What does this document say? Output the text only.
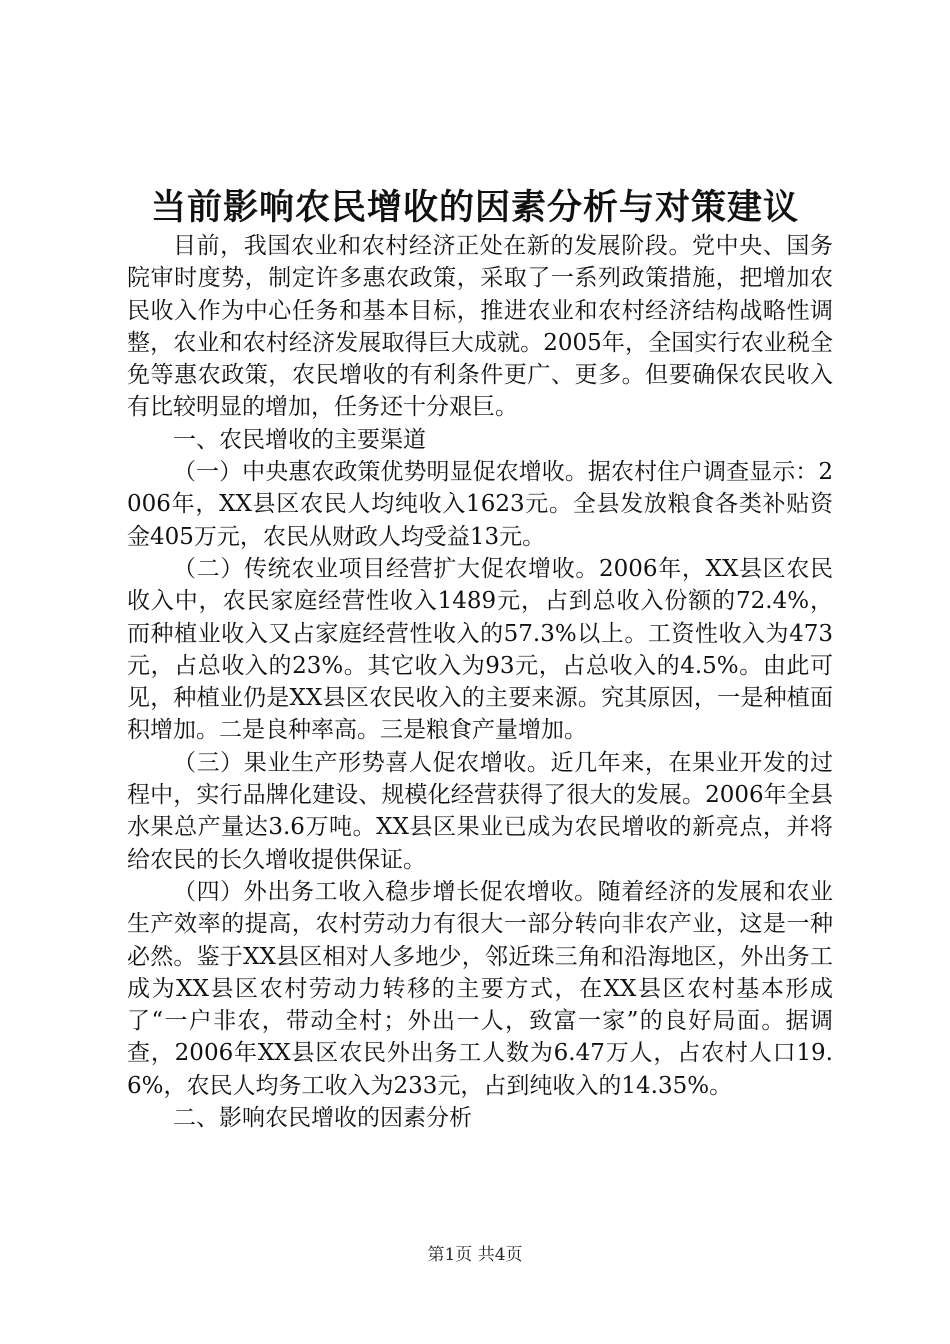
当前影响农民增收的因素分析与对策建议

目前，我国农业和农村经济正处在新的发展阶段。党中央、国务院审时度势，制定许多惠农政策，采取了一系列政策措施，把增加农民收入作为中心任务和基本目标，推进农业和农村经济结构战略性调整，农业和农村经济发展取得巨大成就。2005年，全国实行农业税全免等惠农政策，农民增收的有利条件更广、更多。但要确保农民收入有比较明显的增加，任务还十分艰巨。

一、农民增收的主要渠道

（一）中央惠农政策优势明显促农增收。据农村住户调查显示：2006年，XX县区农民人均纯收入1623元。全县发放粮食各类补贴资金405万元，农民从财政人均受益13元。

（二）传统农业项目经营扩大促农增收。2006年，XX县区农民收入中，农民家庭经营性收入1489元，占到总收入份额的72.4%，而种植业收入又占家庭经营性收入的57.3%以上。工资性收入为473元，占总收入的23%。其它收入为93元，占总收入的4.5%。由此可见，种植业仍是XX县区农民收入的主要来源。究其原因，一是种植面积增加。二是良种率高。三是粮食产量增加。

（三）果业生产形势喜人促农增收。近几年来，在果业开发的过程中，实行品牌化建设、规模化经营获得了很大的发展。2006年全县水果总产量达3.6万吨。XX县区果业已成为农民增收的新亮点，并将给农民的长久增收提供保证。

（四）外出务工收入稳步增长促农增收。随着经济的发展和农业生产效率的提高，农村劳动力有很大一部分转向非农产业，这是一种必然。鉴于XX县区相对人多地少，邻近珠三角和沿海地区，外出务工成为XX县区农村劳动力转移的主要方式，在XX县区农村基本形成了“一户非农，带动全村；外出一人，致富一家”的良好局面。据调查，2006年XX县区农民外出务工人数为6.47万人，占农村人口19.6%，农民人均务工收入为233元，占到纯收入的14.35%。

二、影响农民增收的因素分析

第1页 共4页
